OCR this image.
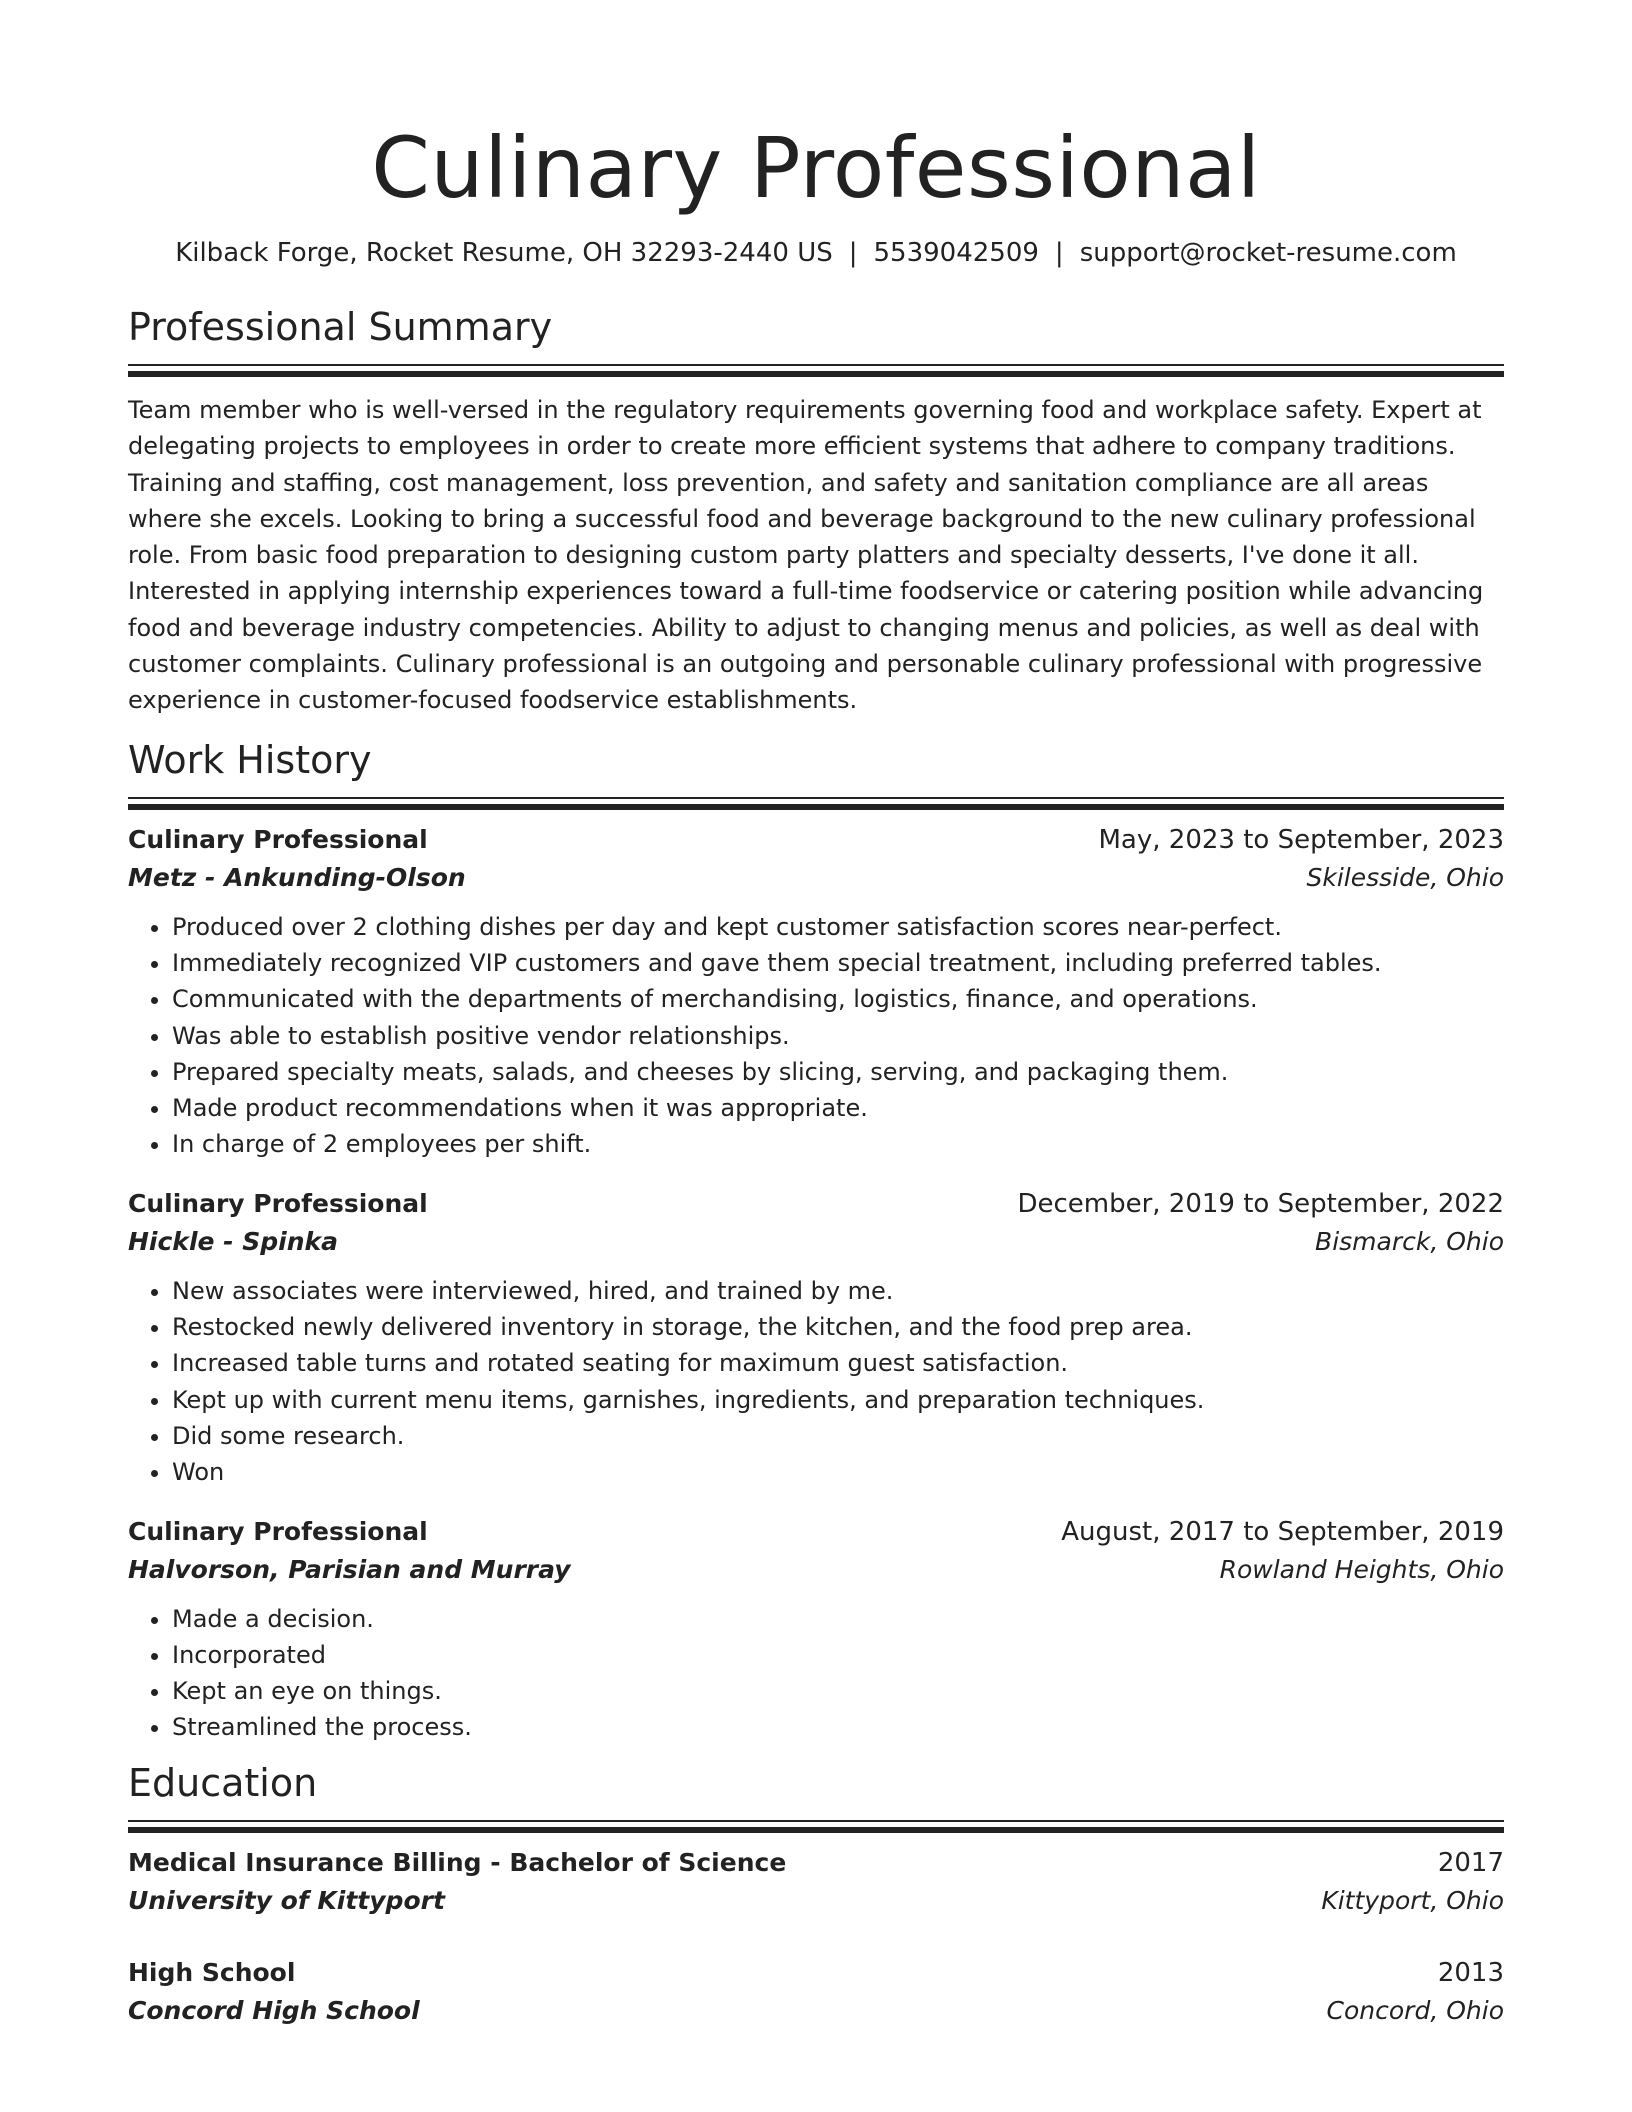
Culinary Professional
Kilback Forge, Rocket Resume, OH 32293-2440 US | 5539042509 | support@rocket-resume.com
Professional Summary

Team member who is well-versed in the regulatory requirements governing food and workplace safety. Expert at delegating projects to employees in order to create more efficient systems that adhere to company traditions. Training and staffing, cost management, loss prevention, and safety and sanitation compliance are all areas where she excels. Looking to bring a successful food and beverage background to the new culinary professional role. From basic food preparation to designing custom party platters and specialty desserts, I've done it all. Interested in applying internship experiences toward a full-time foodservice or catering position while advancing food and beverage industry competencies. Ability to adjust to changing menus and policies, as well as deal with customer complaints. Culinary professional is an outgoing and personable culinary professional with progressive experience in customer-focused foodservice establishments.

Work History
Culinary Professional	May, 2023 to September, 2023
Metz - Ankunding-Olson	Skilesside, Ohio
• Produced over 2 clothing dishes per day and kept customer satisfaction scores near-perfect.
• Immediately recognized VIP customers and gave them special treatment, including preferred tables.
• Communicated with the departments of merchandising, logistics, finance, and operations.
• Was able to establish positive vendor relationships.
• Prepared specialty meats, salads, and cheeses by slicing, serving, and packaging them.
• Made product recommendations when it was appropriate.
• In charge of 2 employees per shift.
Culinary Professional	December, 2019 to September, 2022
Hickle - Spinka	Bismarck, Ohio
• New associates were interviewed, hired, and trained by me.
• Restocked newly delivered inventory in storage, the kitchen, and the food prep area.
• Increased table turns and rotated seating for maximum guest satisfaction.
• Kept up with current menu items, garnishes, ingredients, and preparation techniques.
• Did some research.
• Won
Culinary Professional	August, 2017 to September, 2019
Halvorson, Parisian and Murray	Rowland Heights, Ohio
• Made a decision.
• Incorporated
• Kept an eye on things.
• Streamlined the process.
Education
Medical Insurance Billing - Bachelor of Science	2017
University of Kittyport	Kittyport, Ohio
High School	2013
Concord High School	Concord, Ohio
